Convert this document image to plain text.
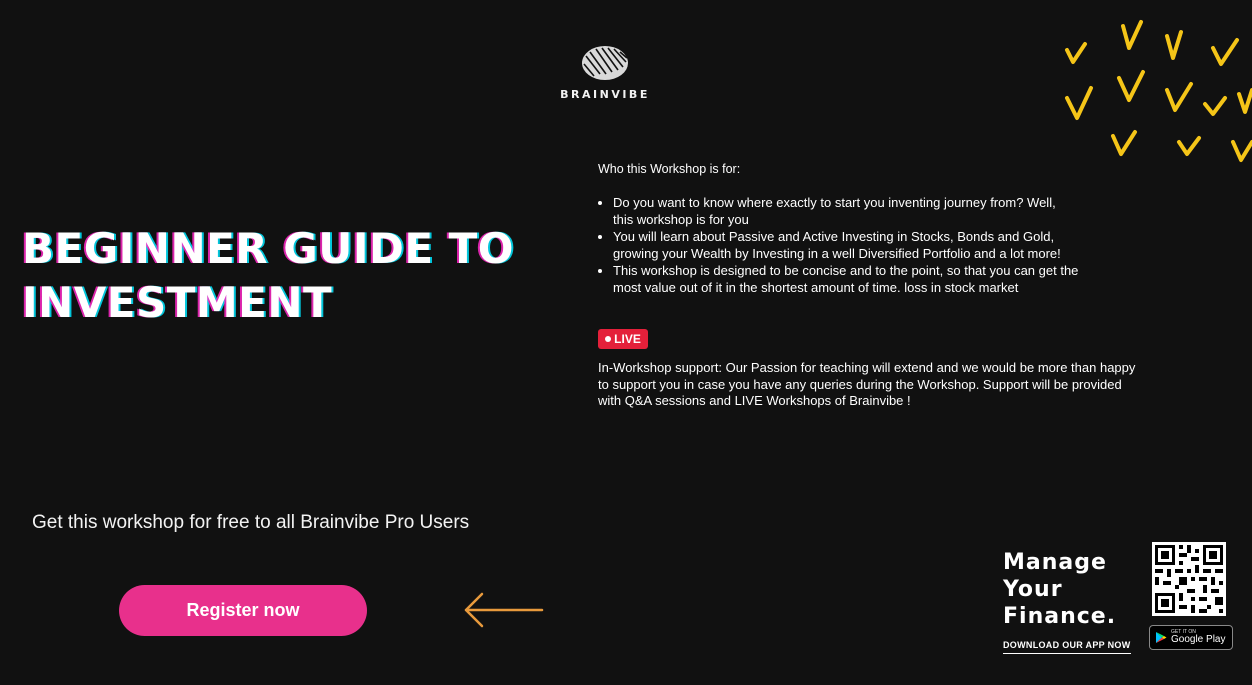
BRAINVIBE
BEGINNER GUIDE TO
INVESTMENT
Who this Workshop is for:
• Do you want to know where exactly to start you inventing journey from? Well,
this workshop is for you
• You will learn about Passive and Active Investing in Stocks, Bonds and Gold,
growing your Wealth by Investing in a well Diversified Portfolio and a lot more!
• This workshop is designed to be concise and to the point, so that you can get the
most value out of it in the shortest amount of time. loss in stock market
LIVE
In-Workshop support: Our Passion for teaching will extend and we would be more than happy
to support you in case you have any queries during the Workshop. Support will be provided
with Q&A sessions and LIVE Workshops of Brainvibe !
Get this workshop for free to all Brainvibe Pro Users
Register now
Manage
Your
Finance.
DOWNLOAD OUR APP NOW
GET IT ON
Google Play
